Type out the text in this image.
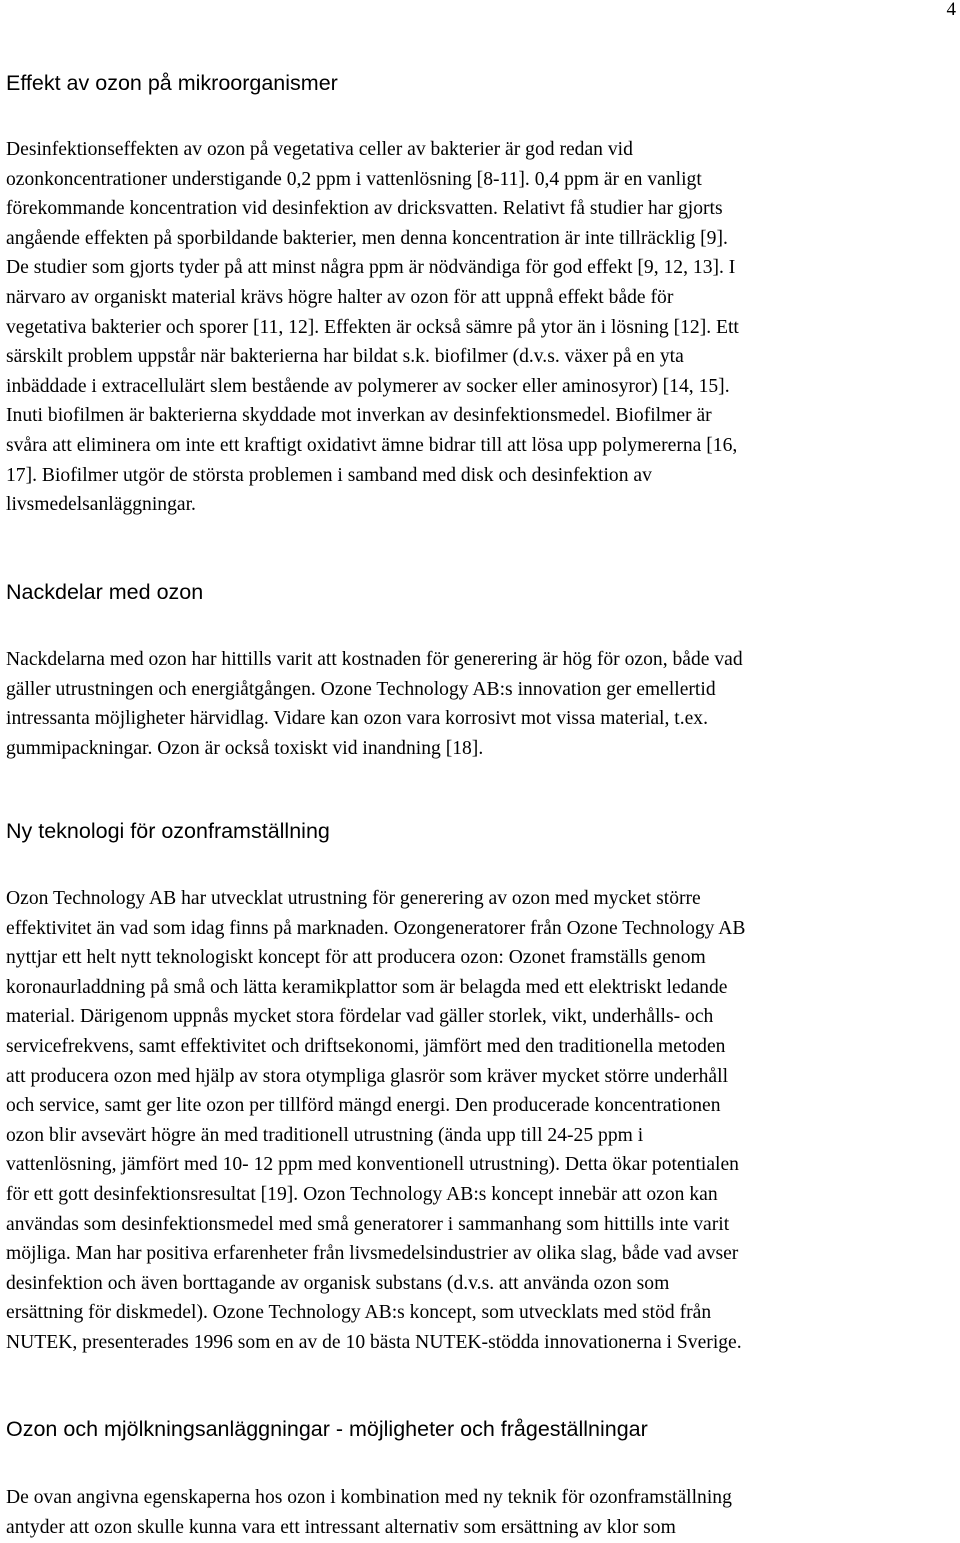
4
Effekt av ozon på mikroorganismer
Desinfektionseffekten av ozon på vegetativa celler av bakterier är god redan vid
ozonkoncentrationer understigande 0,2 ppm i vattenlösning [8-11]. 0,4 ppm är en vanligt
förekommande koncentration vid desinfektion av dricksvatten. Relativt få studier har gjorts
angående effekten på sporbildande bakterier, men denna koncentration är inte tillräcklig [9].
De studier som gjorts tyder på att minst några ppm är nödvändiga för god effekt [9, 12, 13]. I
närvaro av organiskt material krävs högre halter av ozon för att uppnå effekt både för
vegetativa bakterier och sporer [11, 12]. Effekten är också sämre på ytor än i lösning [12]. Ett
särskilt problem uppstår när bakterierna har bildat s.k. biofilmer (d.v.s. växer på en yta
inbäddade i extracellulärt slem bestående av polymerer av socker eller aminosyror) [14, 15].
Inuti biofilmen är bakterierna skyddade mot inverkan av desinfektionsmedel. Biofilmer är
svåra att eliminera om inte ett kraftigt oxidativt ämne bidrar till att lösa upp polymererna [16,
17]. Biofilmer utgör de största problemen i samband med disk och desinfektion av
livsmedelsanläggningar.
Nackdelar med ozon
Nackdelarna med ozon har hittills varit att kostnaden för generering är hög för ozon, både vad
gäller utrustningen och energiåtgången. Ozone Technology AB:s innovation ger emellertid
intressanta möjligheter härvidlag. Vidare kan ozon vara korrosivt mot vissa material, t.ex.
gummipackningar. Ozon är också toxiskt vid inandning [18].
Ny teknologi för ozonframställning
Ozon Technology AB har utvecklat utrustning för generering av ozon med mycket större
effektivitet än vad som idag finns på marknaden. Ozongeneratorer från Ozone Technology AB
nyttjar ett helt nytt teknologiskt koncept för att producera ozon: Ozonet framställs genom
koronaurladdning på små och lätta keramikplattor som är belagda med ett elektriskt ledande
material. Därigenom uppnås mycket stora fördelar vad gäller storlek, vikt, underhålls- och
servicefrekvens, samt effektivitet och driftsekonomi, jämfört med den traditionella metoden
att producera ozon med hjälp av stora otympliga glasrör som kräver mycket större underhåll
och service, samt ger lite ozon per tillförd mängd energi. Den producerade koncentrationen
ozon blir avsevärt högre än med traditionell utrustning (ända upp till 24-25 ppm i
vattenlösning, jämfört med 10- 12 ppm med konventionell utrustning). Detta ökar potentialen
för ett gott desinfektionsresultat [19]. Ozon Technology AB:s koncept innebär att ozon kan
användas som desinfektionsmedel med små generatorer i sammanhang som hittills inte varit
möjliga. Man har positiva erfarenheter från livsmedelsindustrier av olika slag, både vad avser
desinfektion och även borttagande av organisk substans (d.v.s. att använda ozon som
ersättning för diskmedel). Ozone Technology AB:s koncept, som utvecklats med stöd från
NUTEK, presenterades 1996 som en av de 10 bästa NUTEK-stödda innovationerna i Sverige.
Ozon och mjölkningsanläggningar - möjligheter och frågeställningar
De ovan angivna egenskaperna hos ozon i kombination med ny teknik för ozonframställning
antyder att ozon skulle kunna vara ett intressant alternativ som ersättning av klor som
